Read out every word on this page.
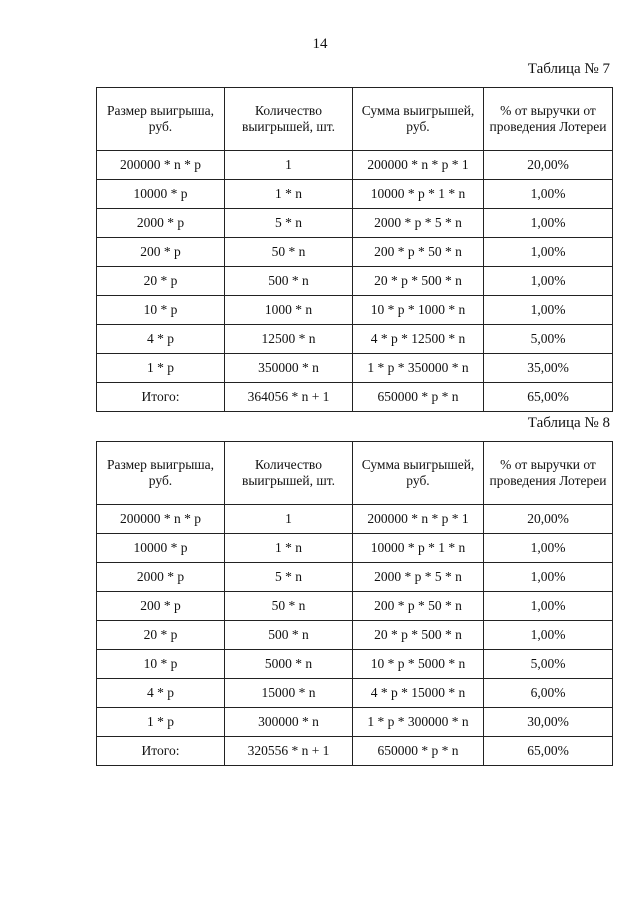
14
Таблица № 7
Размер выигрыша, руб.	Количество выигрышей, шт.	Сумма выигрышей, руб.	% от выручки от проведения Лотереи
200000 * n * p	1	200000 * n * p * 1	20,00%
10000 * p	1 * n	10000 * p * 1 * n	1,00%
2000 * p	5 * n	2000 * p * 5 * n	1,00%
200 * p	50 * n	200 * p * 50 * n	1,00%
20 * p	500 * n	20 * p * 500 * n	1,00%
10 * p	1000 * n	10 * p * 1000 * n	1,00%
4 * p	12500 * n	4 * p * 12500 * n	5,00%
1 * p	350000 * n	1 * p * 350000 * n	35,00%
Итого:	364056 * n + 1	650000 * p * n	65,00%
Таблица № 8
Размер выигрыша, руб.	Количество выигрышей, шт.	Сумма выигрышей, руб.	% от выручки от проведения Лотереи
200000 * n * p	1	200000 * n * p * 1	20,00%
10000 * p	1 * n	10000 * p * 1 * n	1,00%
2000 * p	5 * n	2000 * p * 5 * n	1,00%
200 * p	50 * n	200 * p * 50 * n	1,00%
20 * p	500 * n	20 * p * 500 * n	1,00%
10 * p	5000 * n	10 * p * 5000 * n	5,00%
4 * p	15000 * n	4 * p * 15000 * n	6,00%
1 * p	300000 * n	1 * p * 300000 * n	30,00%
Итого:	320556 * n + 1	650000 * p * n	65,00%
